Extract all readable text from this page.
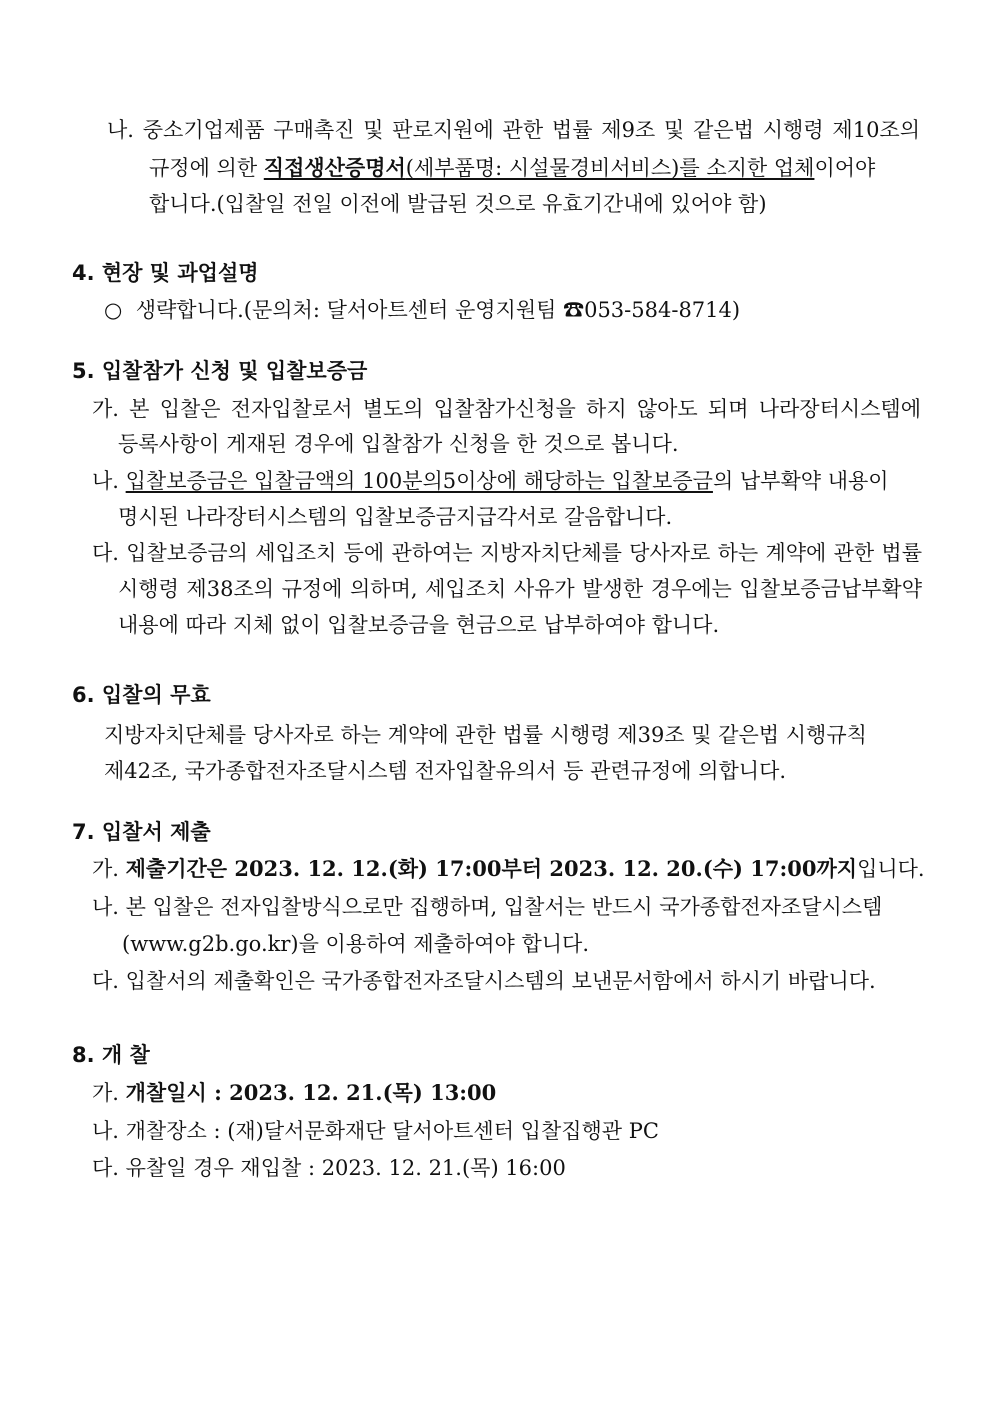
나. 중소기업제품 구매촉진 및 판로지원에 관한 법률 제9조 및 같은법 시행령 제10조의
규정에 의한 직접생산증명서(세부품명: 시설물경비서비스)를 소지한 업체이어야
합니다.(입찰일 전일 이전에 발급된 것으로 유효기간내에 있어야 함)
4. 현장 및 과업설명
○ 생략합니다.(문의처: 달서아트센터 운영지원팀 ☎053-584-8714)
5. 입찰참가 신청 및 입찰보증금
가. 본 입찰은 전자입찰로서 별도의 입찰참가신청을 하지 않아도 되며 나라장터시스템에
등록사항이 게재된 경우에 입찰참가 신청을 한 것으로 봅니다.
나. 입찰보증금은 입찰금액의 100분의5이상에 해당하는 입찰보증금의 납부확약 내용이
명시된 나라장터시스템의 입찰보증금지급각서로 갈음합니다.
다. 입찰보증금의 세입조치 등에 관하여는 지방자치단체를 당사자로 하는 계약에 관한 법률
시행령 제38조의 규정에 의하며, 세입조치 사유가 발생한 경우에는 입찰보증금납부확약
내용에 따라 지체 없이 입찰보증금을 현금으로 납부하여야 합니다.
6. 입찰의 무효
지방자치단체를 당사자로 하는 계약에 관한 법률 시행령 제39조 및 같은법 시행규칙
제42조, 국가종합전자조달시스템 전자입찰유의서 등 관련규정에 의합니다.
7. 입찰서 제출
가. 제출기간은 2023. 12. 12.(화) 17:00부터 2023. 12. 20.(수) 17:00까지입니다.
나. 본 입찰은 전자입찰방식으로만 집행하며, 입찰서는 반드시 국가종합전자조달시스템
(www.g2b.go.kr)을 이용하여 제출하여야 합니다.
다. 입찰서의 제출확인은 국가종합전자조달시스템의 보낸문서함에서 하시기 바랍니다.
8. 개 찰
가. 개찰일시 : 2023. 12. 21.(목) 13:00
나. 개찰장소 : (재)달서문화재단 달서아트센터 입찰집행관 PC
다. 유찰일 경우 재입찰 : 2023. 12. 21.(목) 16:00
